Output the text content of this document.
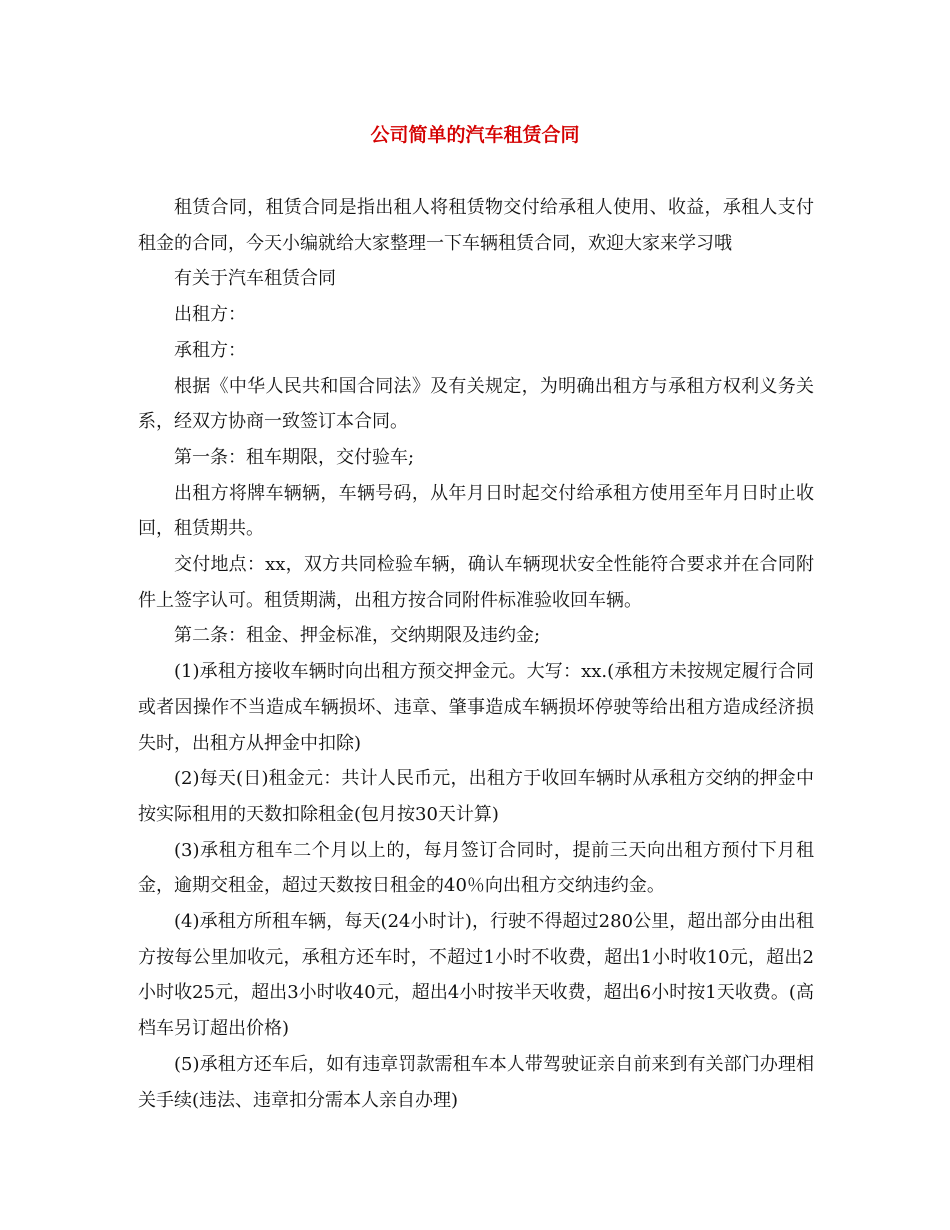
公司简单的汽车租赁合同

租赁合同，租赁合同是指出租人将租赁物交付给承租人使用、收益，承租人支付租金的合同，今天小编就给大家整理一下车辆租赁合同，欢迎大家来学习哦

有关于汽车租赁合同

出租方：

承租方：

根据《中华人民共和国合同法》及有关规定，为明确出租方与承租方权利义务关系，经双方协商一致签订本合同。

第一条：租车期限，交付验车;

出租方将牌车辆辆，车辆号码，从年月日时起交付给承租方使用至年月日时止收回，租赁期共。

交付地点：xx，双方共同检验车辆，确认车辆现状安全性能符合要求并在合同附件上签字认可。租赁期满，出租方按合同附件标准验收回车辆。

第二条：租金、押金标准，交纳期限及违约金;

(1)承租方接收车辆时向出租方预交押金元。大写：xx.(承租方未按规定履行合同或者因操作不当造成车辆损坏、违章、肇事造成车辆损坏停驶等给出租方造成经济损失时，出租方从押金中扣除)

(2)每天(日)租金元：共计人民币元，出租方于收回车辆时从承租方交纳的押金中按实际租用的天数扣除租金(包月按30天计算)

(3)承租方租车二个月以上的，每月签订合同时，提前三天向出租方预付下月租金，逾期交租金，超过天数按日租金的40％向出租方交纳违约金。

(4)承租方所租车辆，每天(24小时计)，行驶不得超过280公里，超出部分由出租方按每公里加收元，承租方还车时，不超过1小时不收费，超出1小时收10元，超出2小时收25元，超出3小时收40元，超出4小时按半天收费，超出6小时按1天收费。(高档车另订超出价格)

(5)承租方还车后，如有违章罚款需租车本人带驾驶证亲自前来到有关部门办理相关手续(违法、违章扣分需本人亲自办理)
